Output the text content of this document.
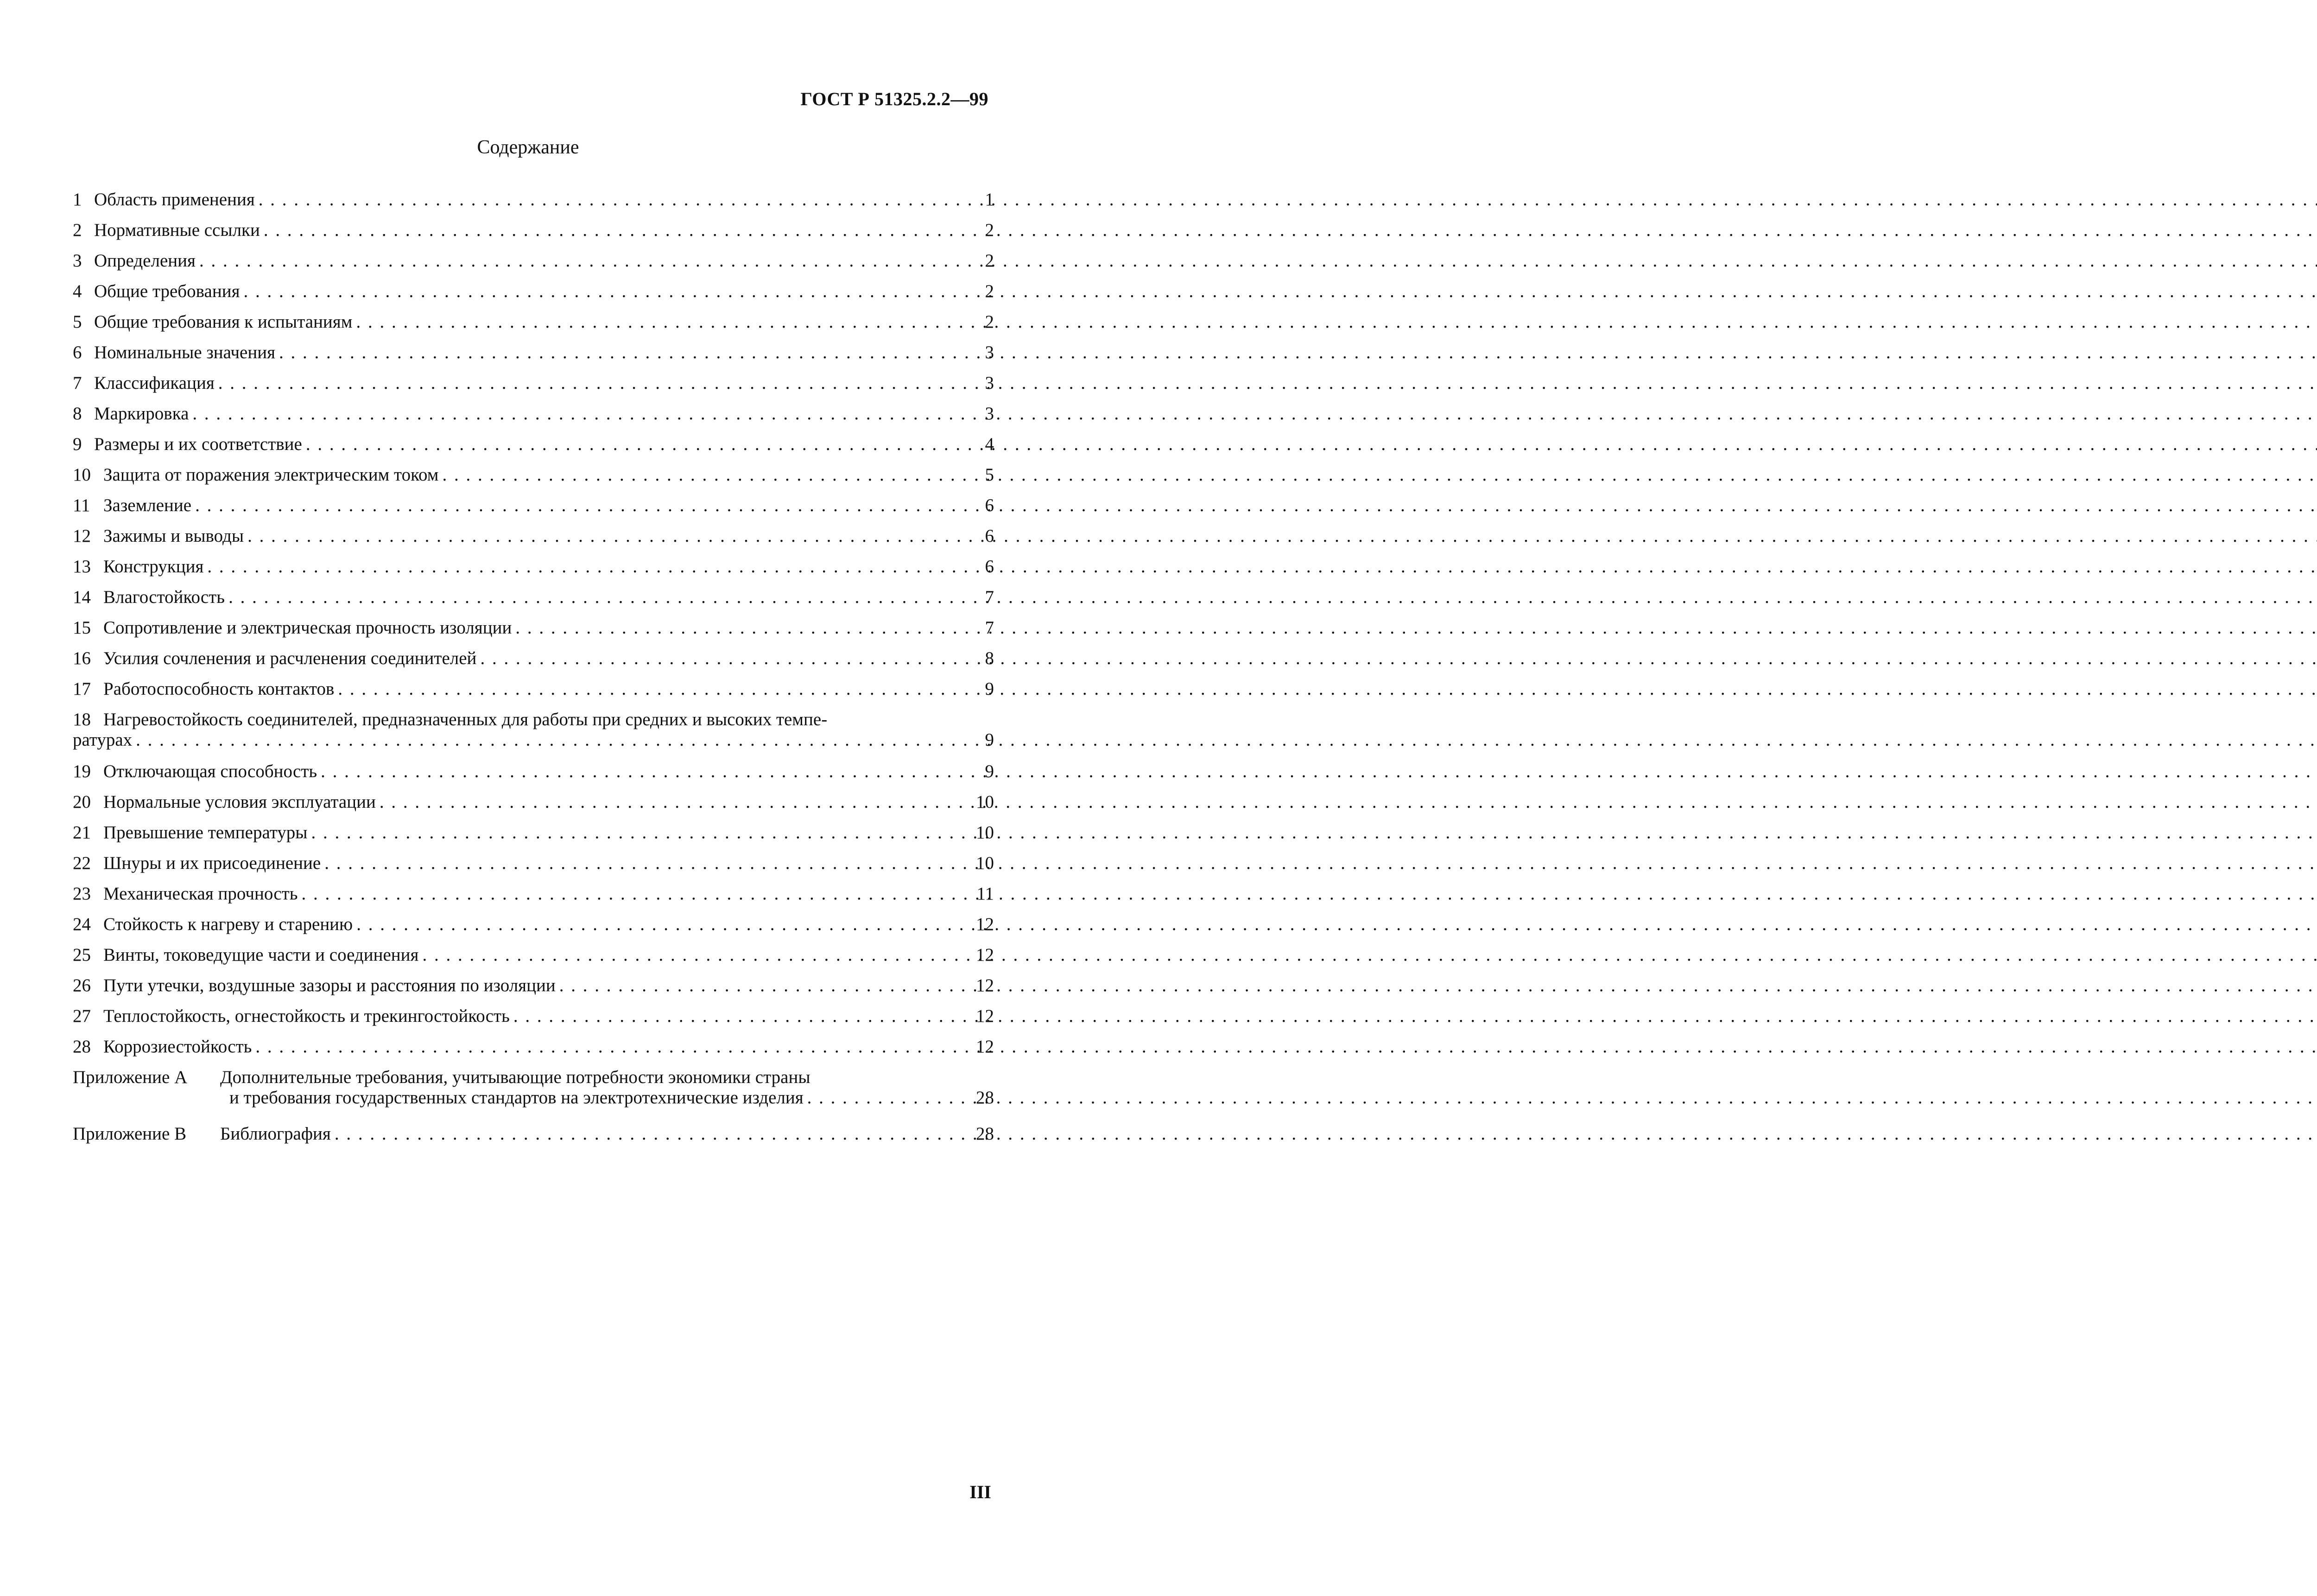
ГОСТ Р 51325.2.2—99
Содержание
1 Область применения . . .	1
2 Нормативные ссылки . . .	2
3 Определения . . .	2
4 Общие требования . . .	2
5 Общие требования к испытаниям . . .	2
6 Номинальные значения . . .	3
7 Классификация . . .	3
8 Маркировка . . .	3
9 Размеры и их соответствие . . .	4
10 Защита от поражения электрическим током . . .	5
11 Заземление . . .	6
12 Зажимы и выводы . . .	6
13 Конструкция . . .	6
14 Влагостойкость . . .	7
15 Сопротивление и электрическая прочность изоляции . . .	7
16 Усилия сочленения и расчленения соединителей . . .	8
17 Работоспособность контактов . . .	9
18 Нагревостойкость соединителей, предназначенных для работы при средних и высоких темпе-
ратурах . . .	9
19 Отключающая способность . . .	9
20 Нормальные условия эксплуатации . . .	10
21 Превышение температуры . . .	10
22 Шнуры и их присоединение . . .	10
23 Механическая прочность . . .	11
24 Стойкость к нагреву и старению . . .	12
25 Винты, токоведущие части и соединения . . .	12
26 Пути утечки, воздушные зазоры и расстояния по изоляции . . .	12
27 Теплостойкость, огнестойкость и трекингостойкость . . .	12
28 Коррозиестойкость . . .	12
Приложение А	Дополнительные требования, учитывающие потребности экономики страны
и требования государственных стандартов на электротехнические изделия . . .	28
Приложение В	Библиография . . .	28
III
